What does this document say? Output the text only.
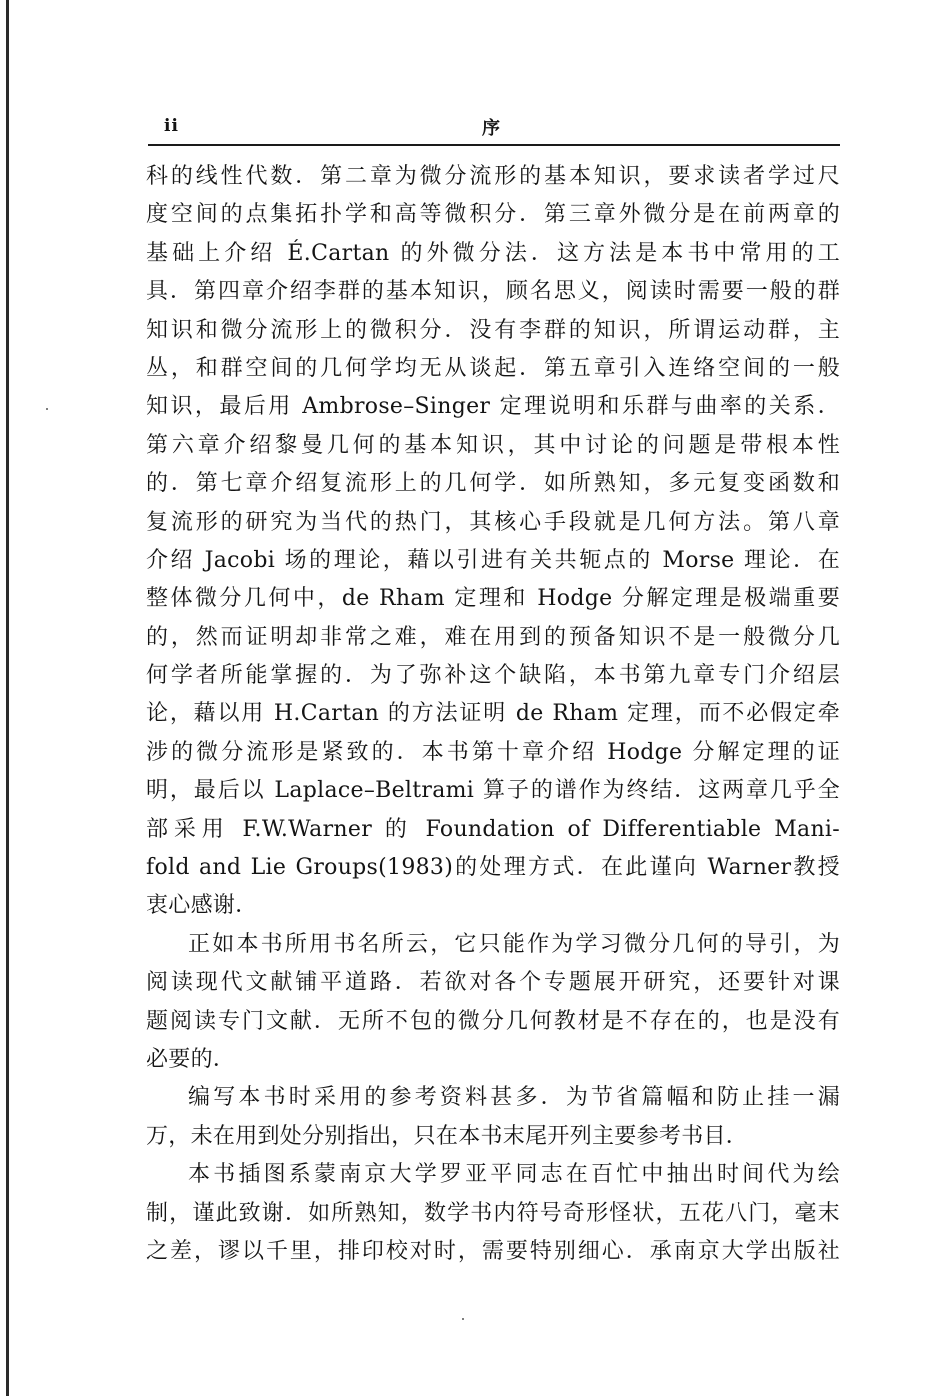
ii	序
科的线性代数．第二章为微分流形的基本知识，要求读者学过尺
度空间的点集拓扑学和高等微积分．第三章外微分是在前两章的
基础上介绍 É.Cartan 的外微分法．这方法是本书中常用的工
具．第四章介绍李群的基本知识，顾名思义，阅读时需要一般的群
知识和微分流形上的微积分．没有李群的知识，所谓运动群，主
丛，和群空间的几何学均无从谈起．第五章引入连络空间的一般
知识，最后用 Ambrose–Singer 定理说明和乐群与曲率的关系．
第六章介绍黎曼几何的基本知识，其中讨论的问题是带根本性
的．第七章介绍复流形上的几何学．如所熟知，多元复变函数和
复流形的研究为当代的热门，其核心手段就是几何方法。第八章
介绍 Jacobi 场的理论，藉以引进有关共轭点的 Morse 理论．在
整体微分几何中，de Rham 定理和 Hodge 分解定理是极端重要
的，然而证明却非常之难，难在用到的预备知识不是一般微分几
何学者所能掌握的．为了弥补这个缺陷，本书第九章专门介绍层
论，藉以用 H.Cartan 的方法证明 de Rham 定理，而不必假定牵
涉的微分流形是紧致的．本书第十章介绍 Hodge 分解定理的证
明，最后以 Laplace–Beltrami 算子的谱作为终结．这两章几乎全
部采用 F.W.Warner 的 Foundation of Differentiable Mani-
fold and Lie Groups(1983)的处理方式．在此谨向 Warner教授
衷心感谢．
正如本书所用书名所云，它只能作为学习微分几何的导引，为
阅读现代文献铺平道路．若欲对各个专题展开研究，还要针对课
题阅读专门文献．无所不包的微分几何教材是不存在的，也是没有
必要的．
编写本书时采用的参考资料甚多．为节省篇幅和防止挂一漏
万，未在用到处分别指出，只在本书末尾开列主要参考书目．
本书插图系蒙南京大学罗亚平同志在百忙中抽出时间代为绘
制，谨此致谢．如所熟知，数学书内符号奇形怪状，五花八门，毫末
之差，谬以千里，排印校对时，需要特别细心．承南京大学出版社
